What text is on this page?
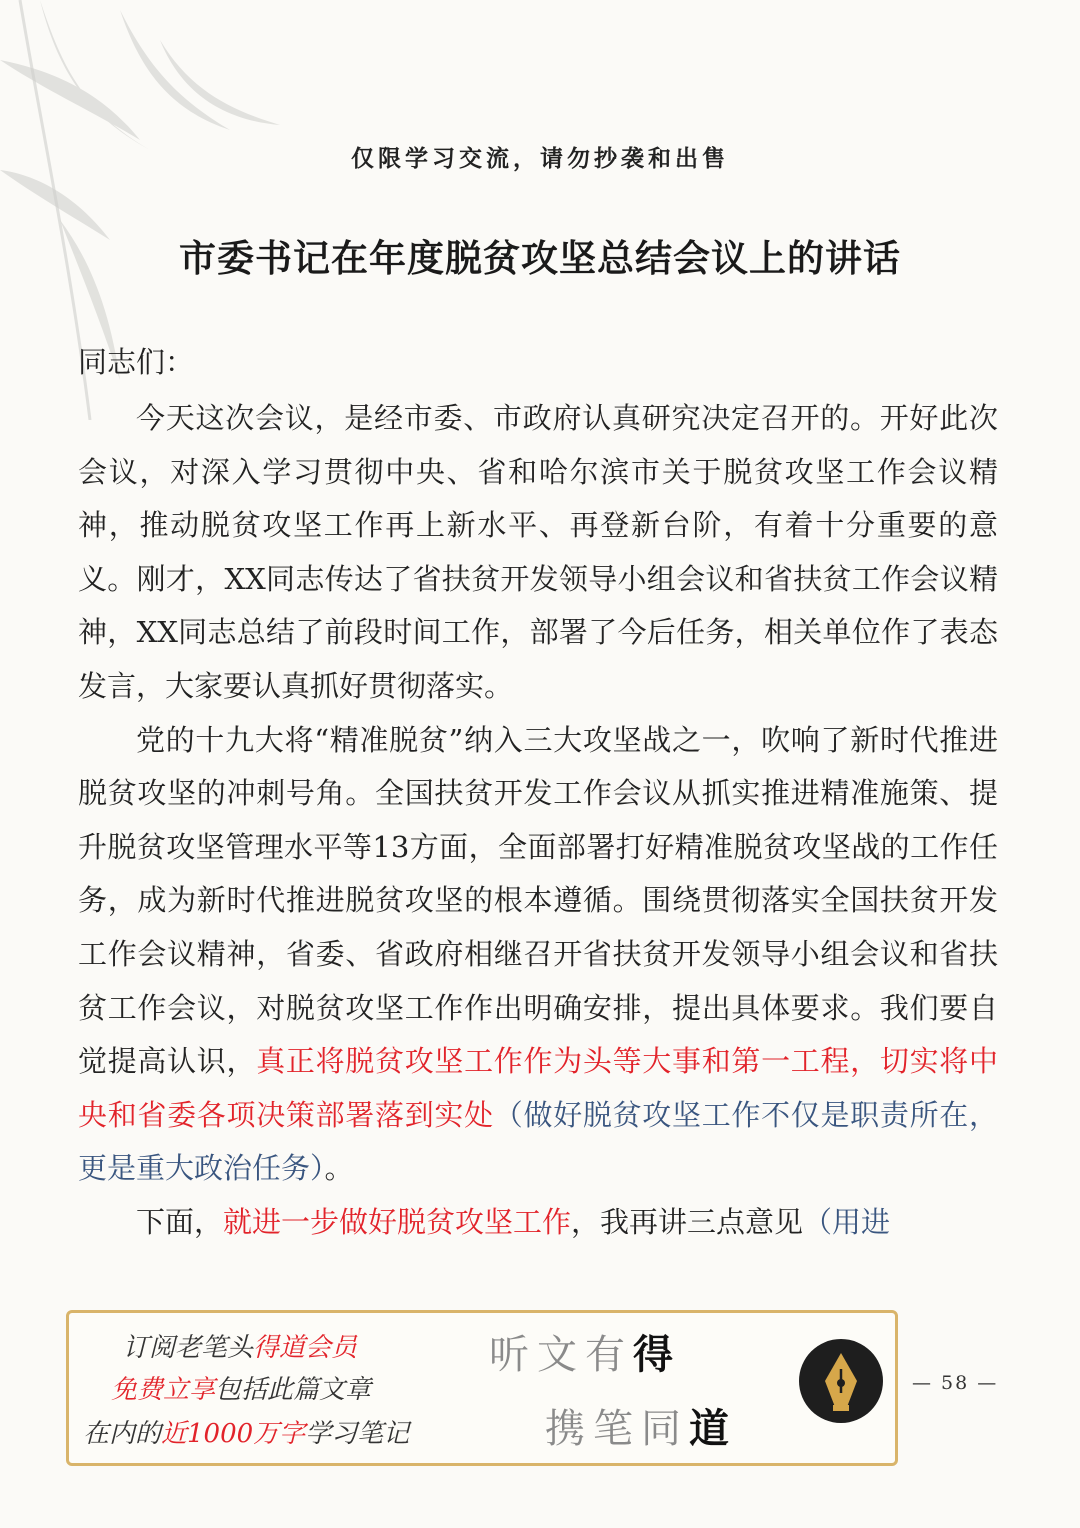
仅限学习交流，请勿抄袭和出售
市委书记在年度脱贫攻坚总结会议上的讲话
同志们：

今天这次会议，是经市委、市政府认真研究决定召开的。开好此次会议，对深入学习贯彻中央、省和哈尔滨市关于脱贫攻坚工作会议精神，推动脱贫攻坚工作再上新水平、再登新台阶，有着十分重要的意义。刚才，XX同志传达了省扶贫开发领导小组会议和省扶贫工作会议精神，XX同志总结了前段时间工作，部署了今后任务，相关单位作了表态发言，大家要认真抓好贯彻落实。

党的十九大将“精准脱贫”纳入三大攻坚战之一，吹响了新时代推进脱贫攻坚的冲刺号角。全国扶贫开发工作会议从抓实推进精准施策、提升脱贫攻坚管理水平等13方面，全面部署打好精准脱贫攻坚战的工作任务，成为新时代推进脱贫攻坚的根本遵循。围绕贯彻落实全国扶贫开发工作会议精神，省委、省政府相继召开省扶贫开发领导小组会议和省扶贫工作会议，对脱贫攻坚工作作出明确安排，提出具体要求。我们要自觉提高认识，真正将脱贫攻坚工作作为头等大事和第一工程，切实将中央和省委各项决策部署落到实处（做好脱贫攻坚工作不仅是职责所在，更是重大政治任务）。

下面，就进一步做好脱贫攻坚工作，我再讲三点意见（用进

订阅老笔头得道会员
免费立享包括此篇文章
在内的近1000万字学习笔记
听文有得
携笔同道
— 58 —
